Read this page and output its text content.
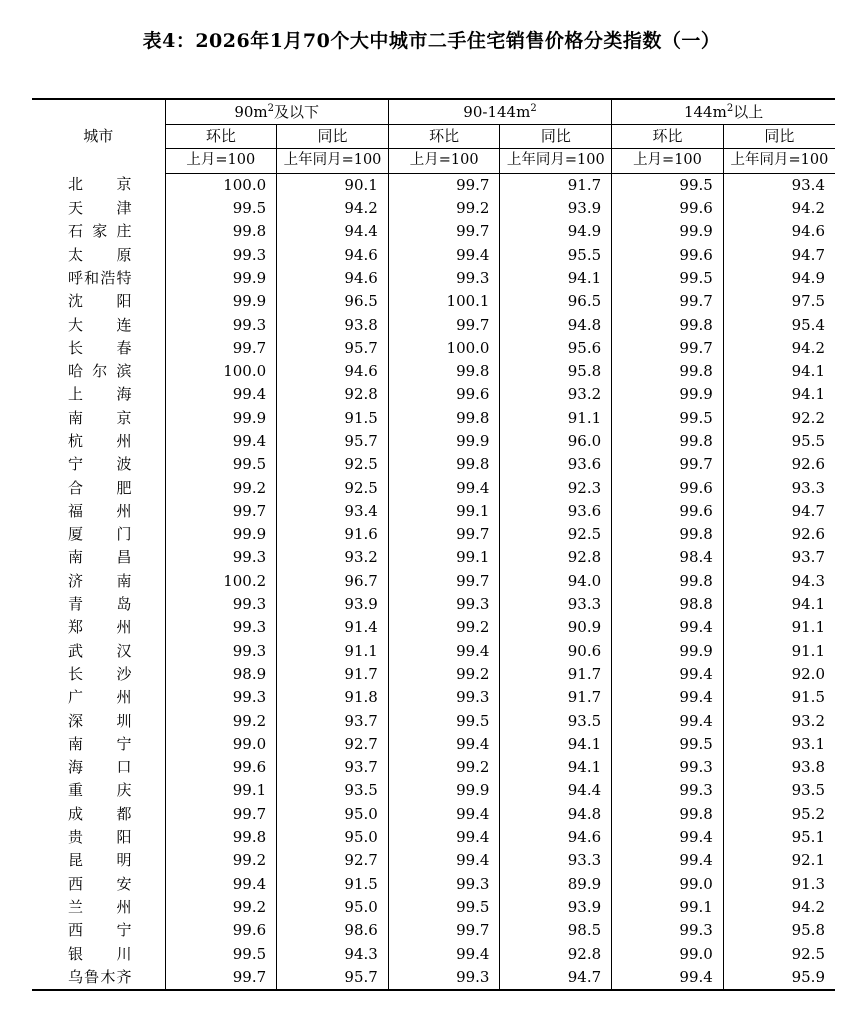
表4：2026年1月70个大中城市二手住宅销售价格分类指数（一）
城市	$90m^2$及以下		$90-144m^2$		$144m^2$以上	
	环比	同比	环比	同比	环比	同比
	上月=100	上年同月=100	上月=100	上年同月=100	上月=100	上年同月=100
北京	100.0	90.1	99.7	91.7	99.5	93.4
天津	99.5	94.2	99.2	93.9	99.6	94.2
石家庄	99.8	94.4	99.7	94.9	99.9	94.6
太原	99.3	94.6	99.4	95.5	99.6	94.7
呼和浩特	99.9	94.6	99.3	94.1	99.5	94.9
沈阳	99.9	96.5	100.1	96.5	99.7	97.5
大连	99.3	93.8	99.7	94.8	99.8	95.4
长春	99.7	95.7	100.0	95.6	99.7	94.2
哈尔滨	100.0	94.6	99.8	95.8	99.8	94.1
上海	99.4	92.8	99.6	93.2	99.9	94.1
南京	99.9	91.5	99.8	91.1	99.5	92.2
杭州	99.4	95.7	99.9	96.0	99.8	95.5
宁波	99.5	92.5	99.8	93.6	99.7	92.6
合肥	99.2	92.5	99.4	92.3	99.6	93.3
福州	99.7	93.4	99.1	93.6	99.6	94.7
厦门	99.9	91.6	99.7	92.5	99.8	92.6
南昌	99.3	93.2	99.1	92.8	98.4	93.7
济南	100.2	96.7	99.7	94.0	99.8	94.3
青岛	99.3	93.9	99.3	93.3	98.8	94.1
郑州	99.3	91.4	99.2	90.9	99.4	91.1
武汉	99.3	91.1	99.4	90.6	99.9	91.1
长沙	98.9	91.7	99.2	91.7	99.4	92.0
广州	99.3	91.8	99.3	91.7	99.4	91.5
深圳	99.2	93.7	99.5	93.5	99.4	93.2
南宁	99.0	92.7	99.4	94.1	99.5	93.1
海口	99.6	93.7	99.2	94.1	99.3	93.8
重庆	99.1	93.5	99.9	94.4	99.3	93.5
成都	99.7	95.0	99.4	94.8	99.8	95.2
贵阳	99.8	95.0	99.4	94.6	99.4	95.1
昆明	99.2	92.7	99.4	93.3	99.4	92.1
西安	99.4	91.5	99.3	89.9	99.0	91.3
兰州	99.2	95.0	99.5	93.9	99.1	94.2
西宁	99.6	98.6	99.7	98.5	99.3	95.8
银川	99.5	94.3	99.4	92.8	99.0	92.5
乌鲁木齐	99.7	95.7	99.3	94.7	99.4	95.9
